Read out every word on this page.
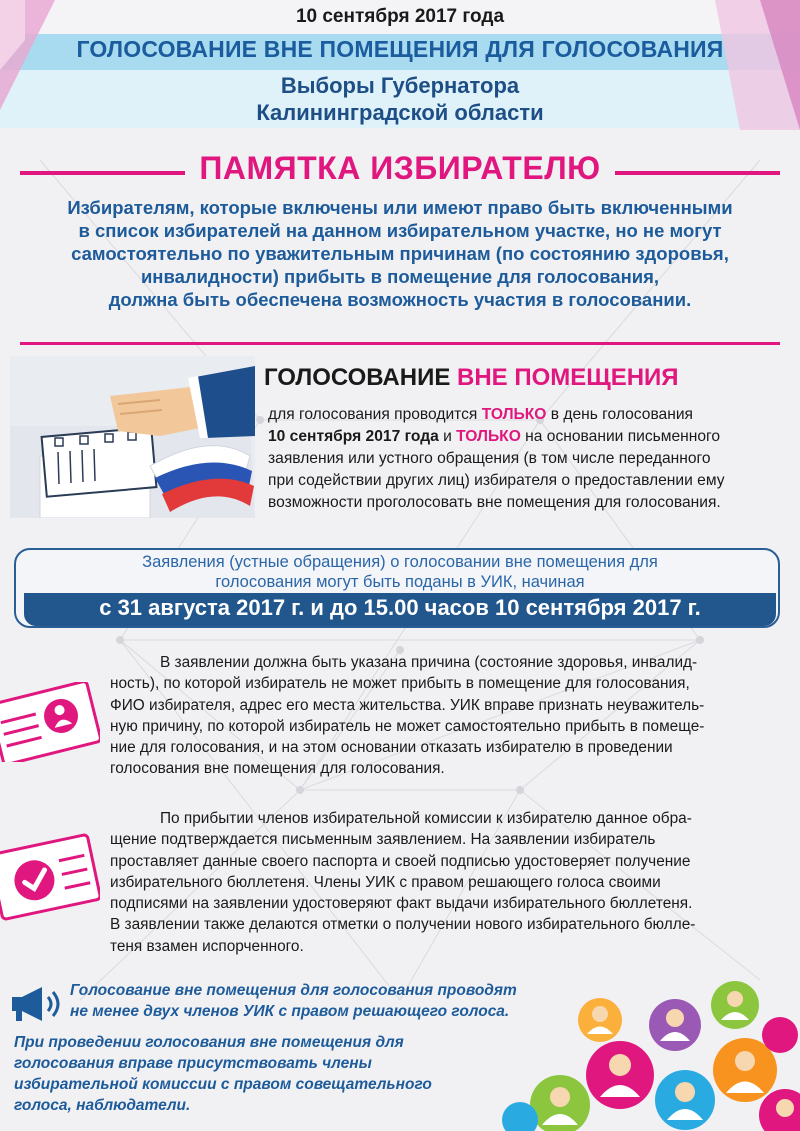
10 сентября 2017 года
ГОЛОСОВАНИЕ ВНЕ ПОМЕЩЕНИЯ ДЛЯ ГОЛОСОВАНИЯ
Выборы Губернатора
Калининградской области
ПАМЯТКА ИЗБИРАТЕЛЮ
Избирателям, которые включены или имеют право быть включенными
в список избирателей на данном избирательном участке, но не могут
самостоятельно по уважительным причинам (по состоянию здоровья,
инвалидности) прибыть в помещение для голосования,
должна быть обеспечена возможность участия в голосовании.
ГОЛОСОВАНИЕ ВНЕ ПОМЕЩЕНИЯ
для голосования проводится ТОЛЬКО в день голосования
10 сентября 2017 года и ТОЛЬКО на основании письменного
заявления или устного обращения (в том числе переданного
при содействии других лиц) избирателя о предоставлении ему
возможности проголосовать вне помещения для голосования.
Заявления (устные обращения) о голосовании вне помещения для
голосования могут быть поданы в УИК, начиная
с 31 августа 2017 г. и до 15.00 часов 10 сентября 2017 г.
В заявлении должна быть указана причина (состояние здоровья, инвалид-
ность), по которой избиратель не может прибыть в помещение для голосования,
ФИО избирателя, адрес его места жительства. УИК вправе признать неуважитель-
ную причину, по которой избиратель не может самостоятельно прибыть в помеще-
ние для голосования, и на этом основании отказать избирателю в проведении
голосования вне помещения для голосования.
По прибытии членов избирательной комиссии к избирателю данное обра-
щение подтверждается письменным заявлением. На заявлении избиратель
проставляет данные своего паспорта и своей подписью удостоверяет получение
избирательного бюллетеня. Члены УИК с правом решающего голоса своими
подписями на заявлении удостоверяют факт выдачи избирательного бюллетеня.
В заявлении также делаются отметки о получении нового избирательного бюлле-
теня взамен испорченного.
Голосование вне помещения для голосования проводят
не менее двух членов УИК с правом решающего голоса.
При проведении голосования вне помещения для
голосования вправе присутствовать члены
избирательной комиссии с правом совещательного
голоса, наблюдатели.
